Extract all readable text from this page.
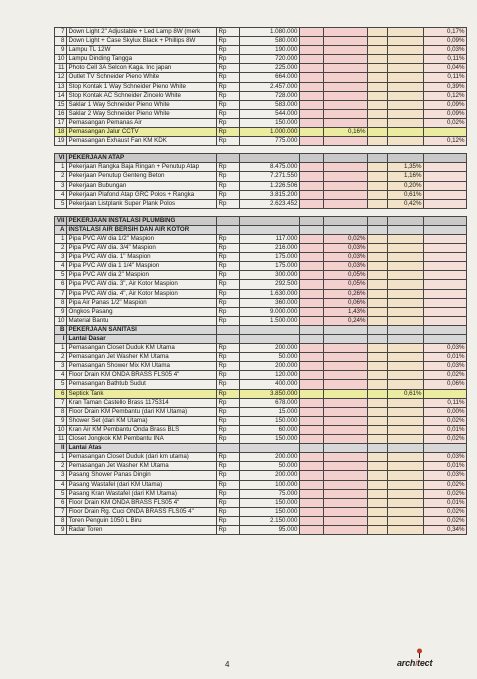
7	Down Light 2" Adjustable + Led Lamp 8W (merk	Rp	1.080.000					0,17%
8	Down Light + Case Skylux Black + Phillips 8W	Rp	580.000					0,09%
9	Lampu TL 12W	Rp	190.000					0,03%
10	Lampu Dinding Tangga	Rp	720.000					0,11%
11	Photo Cell 3A Selcon Kaga. Inc japan	Rp	225.000					0,04%
12	Outlet TV Schneider Pieno White	Rp	664.000					0,11%
13	Stop Kontak 1 Way Schneider Pieno White	Rp	2.457.000					0,39%
14	Stop Kontak AC Schneider Zincelo White	Rp	728.000					0,12%
15	Saklar 1 Way Schneider Pieno White	Rp	583.000					0,09%
16	Saklar 2 Way Schneider Pieno White	Rp	544.000					0,09%
17	Pemasangan Pemanas Air	Rp	150.000					0,02%
18	Pemasangan Jalur CCTV	Rp	1.000.000		0,16%			
19	Pemasangan Exhaust Fan KM KDK	Rp	775.000					0,12%

VI	PEKERJAAN ATAP							
1	Pekerjaan Rangka Baja Ringan + Penutup Atap	Rp	8.475.000				1,35%	
2	Pekerjaan Penutup Genteng Beton	Rp	7.271.550				1,16%	
3	Pekerjaan Bubungan	Rp	1.226.506				0,20%	
4	Pekerjaan Plafond Atap GRC Polos + Rangka	Rp	3.815.200				0,61%	
5	Pekerjaan Listplank Super Plank Polos	Rp	2.623.452				0,42%	

VII	PEKERJAAN INSTALASI PLUMBING							
A	INSTALASI AIR BERSIH DAN AIR KOTOR							
1	Pipa PVC AW dia 1/2" Maspion	Rp	117.000		0,02%			
2	Pipa PVC AW dia. 3/4" Maspion	Rp	216.000		0,03%			
3	Pipa PVC AW dia. 1" Maspion	Rp	175.000		0,03%			
4	Pipa PVC AW dia 1 1/4" Maspion	Rp	175.000		0,03%			
5	Pipa PVC AW dia 2" Maspion	Rp	300.000		0,05%			
6	Pipa PVC AW dia. 3", Air Kotor Maspion	Rp	292.500		0,05%			
7	Pipa PVC AW dia. 4", Air Kotor Maspion	Rp	1.630.000		0,26%			
8	Pipa Air Panas 1/2" Maspion	Rp	360.000		0,06%			
9	Ongkos Pasang	Rp	9.000.000		1,43%			
10	Material Bantu	Rp	1.500.000		0,24%			
B	PEKERJAAN SANITASI							
I	Lantai Dasar							
1	Pemasangan Closet Duduk KM Utama	Rp	200.000					0,03%
2	Pemasangan Jet Washer KM Utama	Rp	50.000					0,01%
3	Pemasangan Shower Mix KM Utama	Rp	200.000					0,03%
4	Floor Drain KM ONDA BRASS FLS05 4"	Rp	120.000					0,02%
5	Pemasangan Bathtub Sudut	Rp	400.000					0,06%
6	Septick Tank	Rp	3.850.000				0,61%	
7	Kran Taman Castello Brass 1175314	Rp	678.000					0,11%
8	Floor Drain KM Pembantu (dari KM Utama)	Rp	15.000					0,00%
9	Shower Set (dari KM Utama)	Rp	150.000					0,02%
10	Kran Air KM Pembantu Onda Brass BLS	Rp	60.000					0,01%
11	Closet Jongkok KM Pembantu INA	Rp	150.000					0,02%
II	Lantai Atas							
1	Pemasangan Closet Duduk (dari km utama)	Rp	200.000					0,03%
2	Pemasangan Jet Washer KM Utama	Rp	50.000					0,01%
3	Pasang Shower Panas Dingin	Rp	200.000					0,03%
4	Pasang Wastafel (dari KM Utama)	Rp	100.000					0,02%
5	Pasang Kran Wastafel (dari KM Utama)	Rp	75.000					0,02%
6	Floor Drain KM ONDA BRASS FLS05 4"	Rp	150.000					0,01%
7	Floor Drain Rg. Cuci ONDA BRASS FLS05 4"	Rp	150.000					0,02%
8	Toren Penguin 1050 L Biru	Rp	2.150.000					0,02%
9	Radar Toren	Rp	95.000					0,34%
4	architect
